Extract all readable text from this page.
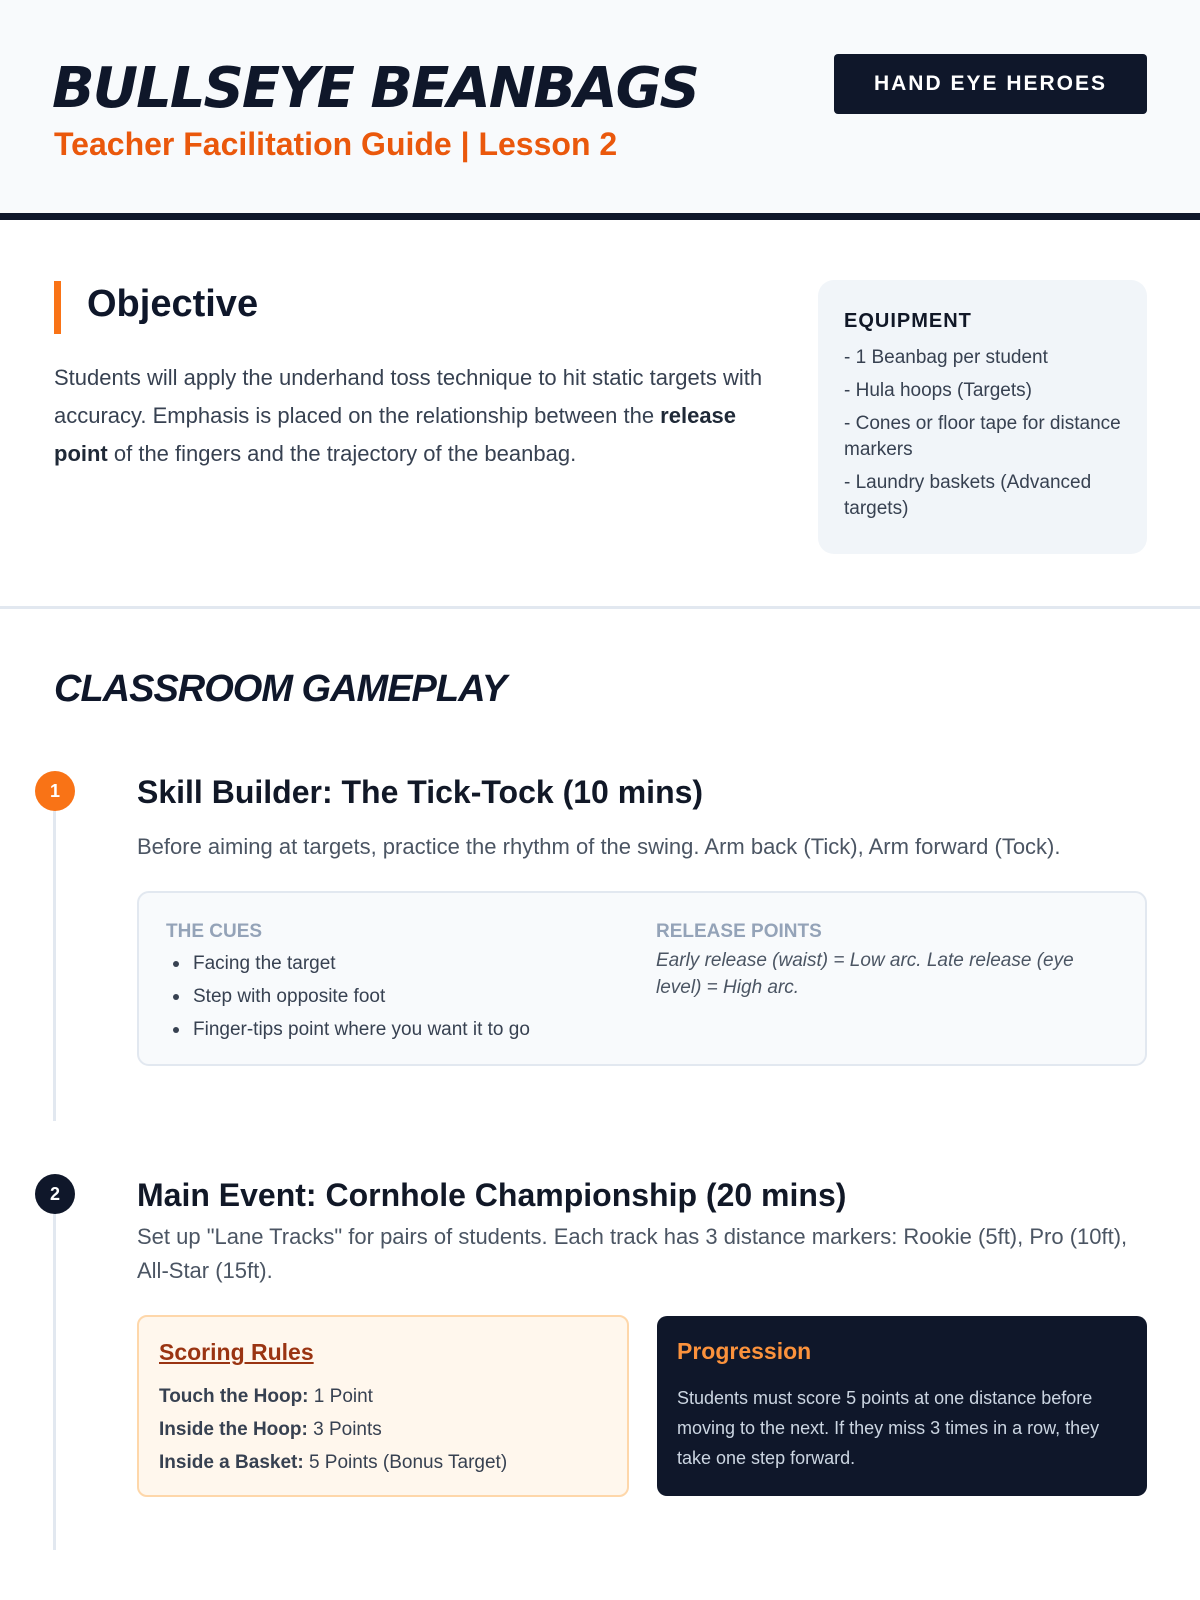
BULLSEYE BEANBAGS
Teacher Facilitation Guide | Lesson 2
HAND EYE HEROES
Objective

Students will apply the underhand toss technique to hit static targets with accuracy. Emphasis is placed on the relationship between the release point of the fingers and the trajectory of the beanbag.

EQUIPMENT
- 1 Beanbag per student
- Hula hoops (Targets)
- Cones or floor tape for distance markers
- Laundry baskets (Advanced targets)
CLASSROOM GAMEPLAY
1	Skill Builder: The Tick-Tock (10 mins)
Before aiming at targets, practice the rhythm of the swing. Arm back (Tick), Arm forward (Tock).
THE CUES
Facing the target
Step with opposite foot
Finger-tips point where you want it to go
RELEASE POINTS
Early release (waist) = Low arc. Late release (eye level) = High arc.
2	Main Event: Cornhole Championship (20 mins)
Set up "Lane Tracks" for pairs of students. Each track has 3 distance markers: Rookie (5ft), Pro (10ft), All-Star (15ft).
Scoring Rules
Touch the Hoop: 1 Point
Inside the Hoop: 3 Points
Inside a Basket: 5 Points (Bonus Target)
Progression
Students must score 5 points at one distance before moving to the next. If they miss 3 times in a row, they take one step forward.
